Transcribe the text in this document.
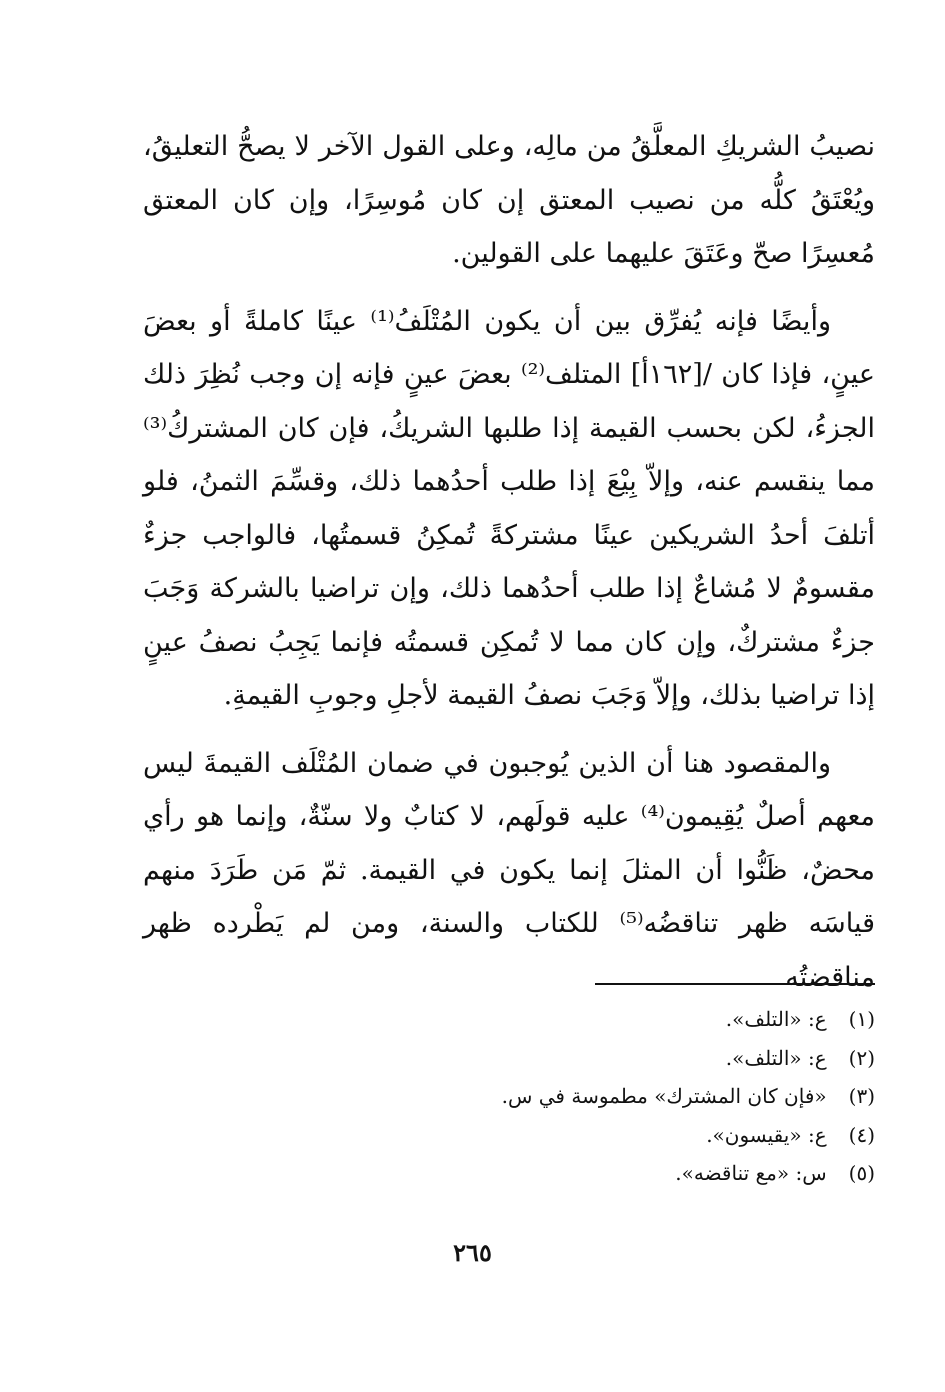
نصيبُ الشريكِ المعلَّقُ من مالِه، وعلى القول الآخر لا يصحُّ التعليقُ، ويُعْتَقُ كلُّه من نصيب المعتق إن كان مُوسِرًا، وإن كان المعتق مُعسِرًا صحّ وعَتَقَ عليهما على القولين.

وأيضًا فإنه يُفرِّق بين أن يكون المُتْلَفُ⁽¹⁾ عينًا كاملةً أو بعضَ عينٍ، فإذا كان /[١٦٢أ] المتلف⁽²⁾ بعضَ عينٍ فإنه إن وجب نُظِرَ ذلك الجزءُ، لكن بحسب القيمة إذا طلبها الشريكُ، فإن كان المشتركُ⁽³⁾ مما ينقسم عنه، وإلاّ بِيْعَ إذا طلب أحدُهما ذلك، وقسِّمَ الثمنُ، فلو أتلفَ أحدُ الشريكين عينًا مشتركةً تُمكِنُ قسمتُها، فالواجب جزءٌ مقسومٌ لا مُشاعٌ إذا طلب أحدُهما ذلك، وإن تراضيا بالشركة وَجَبَ جزءٌ مشتركٌ، وإن كان مما لا تُمكِن قسمتُه فإنما يَجِبُ نصفُ عينٍ إذا تراضيا بذلك، وإلاّ وَجَبَ نصفُ القيمة لأجلِ وجوبِ القيمةِ.

والمقصود هنا أن الذين يُوجبون في ضمان المُتْلَف القيمةَ ليس معهم أصلٌ يُقِيمون⁽⁴⁾ عليه قولَهم، لا كتابٌ ولا سنّةٌ، وإنما هو رأي محضٌ، ظَنُّوا أن المثلَ إنما يكون في القيمة. ثمّ مَن طَرَدَ منهم قياسَه ظهر تناقضُه⁽⁵⁾ للكتاب والسنة، ومن لم يَطْرده ظهر مناقضتُه

(١) ع: «التلف».
(٢) ع: «التلف».
(٣) «فإن كان المشترك» مطموسة في س.
(٤) ع: «يقيسون».
(٥) س: «مع تناقضه».
٢٦٥
